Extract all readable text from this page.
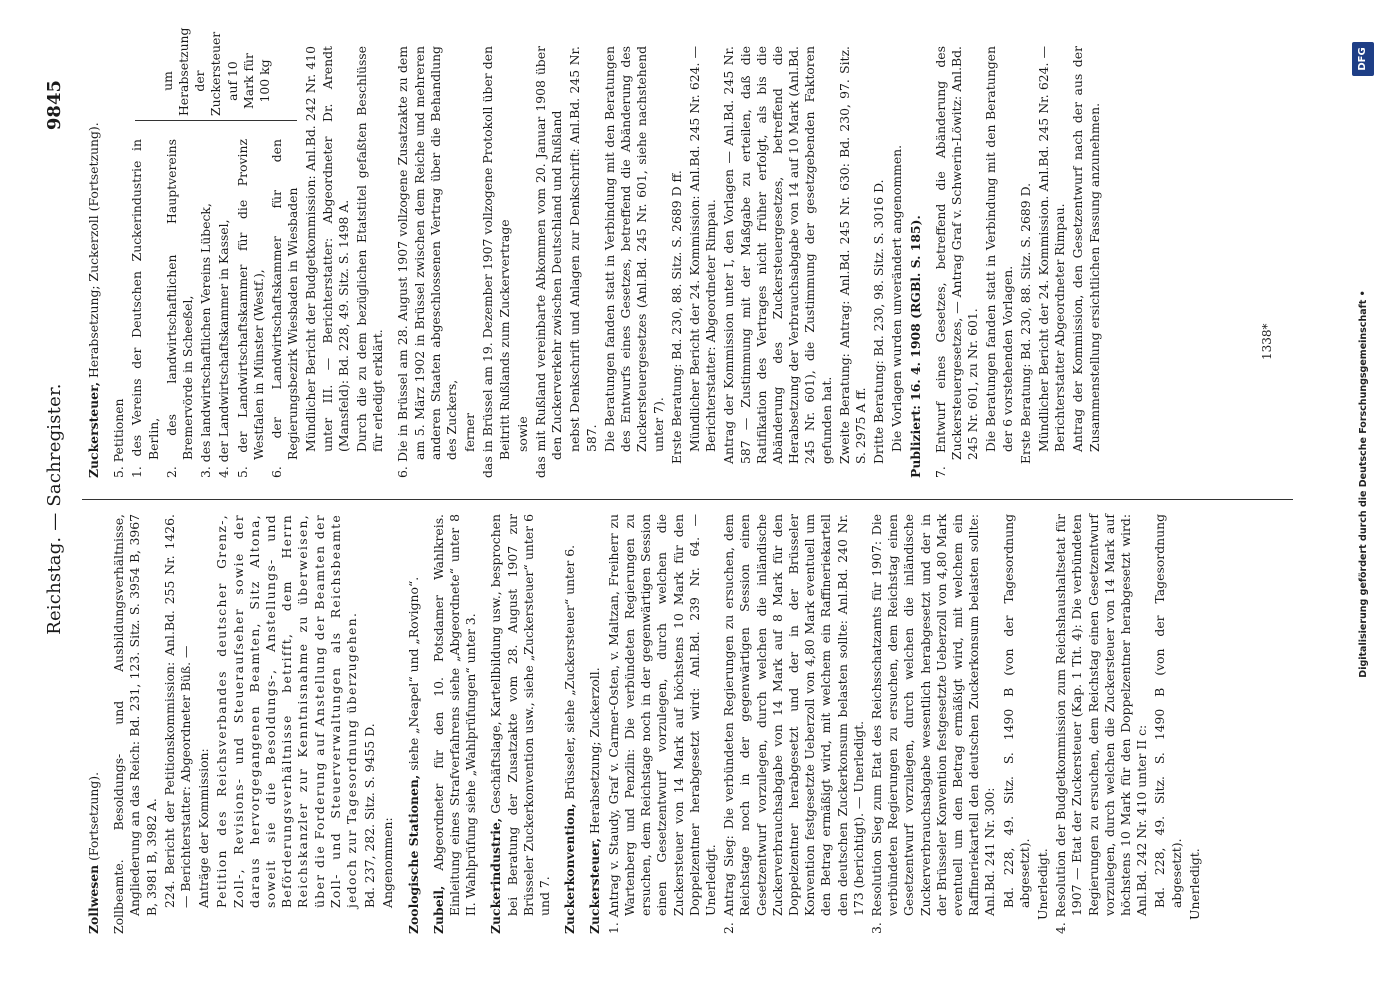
Reichstag. — Sachregister.
9845

Zollwesen (Fortsetzung). Zollbeamte. Besoldungs- und Ausbildungsverhältnisse, Angliederung an das Reich: Bd. 231, 123. Sitz. S. 3954 B, 3967 B, 3981 B, 3982 A. 224. Bericht der Petitionskommission: Anl.Bd. 255 Nr. 1426. — Berichterstatter: Abgeordneter Büß. — Anträge der Kommission: Petition des Reichsverbandes deutscher Grenz-, Zoll-, Revisions- und Steueraufseher sowie der daraus hervorgegangenen Beamten, Sitz Altona, soweit sie die Besoldungs-, Anstellungs- und Beförderungsverhältnisse betrifft, dem Herrn Reichskanzler zur Kenntnisnahme zu überweisen, über die Forderung auf Anstellung der Beamten der Zoll- und Steuerverwaltungen als Reichsbeamte jedoch zur Tagesordnung überzugehen. Bd. 237, 282. Sitz. S. 9455 D. Angenommen: Zoologische Stationen, siehe „Neapel“ und „Rovigno“.

Zubeil, Abgeordneter für den 10. Potsdamer Wahlkreis. Einleitung eines Strafverfahrens siehe „Abgeordnete“ unter 8 II. Wahlprüfung siehe „Wahlprüfungen“ unter 3. Zuckerindustrie, Geschäftslage, Kartellbildung usw., besprochen bei Beratung der Zusatzakte vom 28. August 1907 zur Brüsseler Zuckerkonvention usw., siehe „Zuckersteuer“ unter 6 und 7. Zuckerkonvention, Brüsseler, siehe „Zuckersteuer“ unter 6.

Zuckersteuer, Herabsetzung; Zuckerzoll. 1. Antrag v. Staudy, Graf v. Carmer-Osten, v. Maltzan, Freiherr zu Wartenberg und Penzlin: Die verbündeten Regierungen zu ersuchen, dem Reichstage noch in der gegenwärtigen Session einen Gesetzentwurf vorzulegen, durch welchen die Zuckersteuer von 14 Mark auf höchstens 10 Mark für den Doppelzentner herabgesetzt wird: Anl.Bd. 239 Nr. 64. — Unerledigt. 2. Antrag Sieg: Die verbündeten Regierungen zu ersuchen, dem Reichstage noch in der gegenwärtigen Session einen Gesetzentwurf vorzulegen, durch welchen die inländische Zuckerverbrauchsabgabe von 14 Mark auf 8 Mark für den Doppelzentner herabgesetzt und der in der Brüsseler Konvention festgesetzte Ueberzoll von 4,80 Mark eventuell um den Betrag ermäßigt wird, mit welchem ein Raffineriekartell den deutschen Zuckerkonsum belasten sollte: Anl.Bd. 240 Nr. 173 (berichtigt). — Unerledigt. 3. Resolution Sieg zum Etat des Reichsschatzamts für 1907: Die verbündeten Regierungen zu ersuchen, dem Reichstag einen Gesetzentwurf vorzulegen, durch welchen die inländische Zuckerverbrauchsabgabe wesentlich herabgesetzt und der in der Brüsseler Konvention festgesetzte Ueberzoll von 4,80 Mark eventuell um den Betrag ermäßigt wird, mit welchem ein Raffineriekartell den deutschen Zuckerkonsum belasten sollte: Anl.Bd. 241 Nr. 300: Bd. 228, 49. Sitz. S. 1490 B (von der Tagesordnung abgesetzt). Unerledigt. 4. Resolution der Budgetkommission zum Reichshaushaltsetat für 1907 — Etat der Zuckersteuer (Kap. 1 Tit. 4): Die verbündeten Regierungen zu ersuchen, dem Reichstag einen Gesetzentwurf vorzulegen, durch welchen die Zuckersteuer von 14 Mark auf höchstens 10 Mark für den Doppelzentner herabgesetzt wird: Anl.Bd. 242 Nr. 410 unter II c: Bd. 228, 49. Sitz. S. 1490 B (von der Tagesordnung abgesetzt). Unerledigt.

Zuckersteuer, Herabsetzung; Zuckerzoll (Fortsetzung).

5. Petitionen 1. des Vereins der Deutschen Zuckerindustrie in Berlin, 2. des landwirtschaftlichen Hauptvereins Bremervörde in Scheeßel, 3. des landwirtschaftlichen Vereins Lübeck, 4. der Landwirtschaftskammer in Kassel, 5. der Landwirtschaftskammer für die Provinz Westfalen in Münster (Westf.), 6. der Landwirtschaftskammer für den Regierungsbezirk Wiesbaden in Wiesbaden

um Herabsetzung der Zuckersteuer auf 10 Mark für 100 kg	Mündlicher Bericht der Budgetkommission: Anl.Bd. 242 Nr. 410 unter III. — Berichterstatter: Abgeordneter Dr. Arendt (Mansfeld): Bd. 228, 49. Sitz. S. 1498 A. Durch die zu dem bezüglichen Etatstitel gefaßten Beschlüsse für erledigt erklärt. 6. Die in Brüssel am 28. August 1907 vollzogene Zusatzakte zu dem am 5. März 1902 in Brüssel zwischen dem Reiche und mehreren anderen Staaten abgeschlossenen Vertrag über die Behandlung des Zuckers, ferner das in Brüssel am 19. Dezember 1907 vollzogene Protokoll über den Beitritt Rußlands zum Zuckervertrage sowie das mit Rußland vereinbarte Abkommen vom 20. Januar 1908 über den Zuckerverkehr zwischen Deutschland und Rußland nebst Denkschrift und Anlagen zur Denkschrift: Anl.Bd. 245 Nr. 587. Die Beratungen fanden statt in Verbindung mit den Beratungen des Entwurfs eines Gesetzes, betreffend die Abänderung des Zuckersteuergesetzes (Anl.Bd. 245 Nr. 601, siehe nachstehend unter 7). Erste Beratung: Bd. 230, 88. Sitz. S. 2689 D ff. Mündlicher Bericht der 24. Kommission: Anl.Bd. 245 Nr. 624. — Berichterstatter: Abgeordneter Rimpau. Antrag der Kommission unter I, den Vorlagen — Anl.Bd. 245 Nr. 587 — Zustimmung mit der Maßgabe zu erteilen, daß die Ratifikation des Vertrages nicht früher erfolgt, als bis die Abänderung des Zuckersteuergesetzes, betreffend die Herabsetzung der Verbrauchsabgabe von 14 auf 10 Mark (Anl.Bd. 245 Nr. 601), die Zustimmung der gesetzgebenden Faktoren gefunden hat. Zweite Beratung: Antrag: Anl.Bd. 245 Nr. 630: Bd. 230, 97. Sitz. S. 2975 A ff. Dritte Beratung: Bd. 230, 98. Sitz. S. 3016 D. Die Vorlagen wurden unverändert angenommen. Publiziert: 16. 4. 1908 (RGBl. S. 185). 7. Entwurf eines Gesetzes, betreffend die Abänderung des Zuckersteuergesetzes, — Antrag Graf v. Schwerin-Löwitz: Anl.Bd. 245 Nr. 601, zu Nr. 601. Die Beratungen fanden statt in Verbindung mit den Beratungen der 6 vorstehenden Vorlagen. Erste Beratung: Bd. 230, 88. Sitz. S. 2689 D. Mündlicher Bericht der 24. Kommission. Anl.Bd. 245 Nr. 624. — Berichterstatter Abgeordneter Rimpau. Antrag der Kommission, den Gesetzentwurf nach der aus der Zusammenstellung ersichtlichen Fassung anzunehmen.	1338*	Digitalisierung gefördert durch die Deutsche Forschungsgemeinschaft •
DFG
